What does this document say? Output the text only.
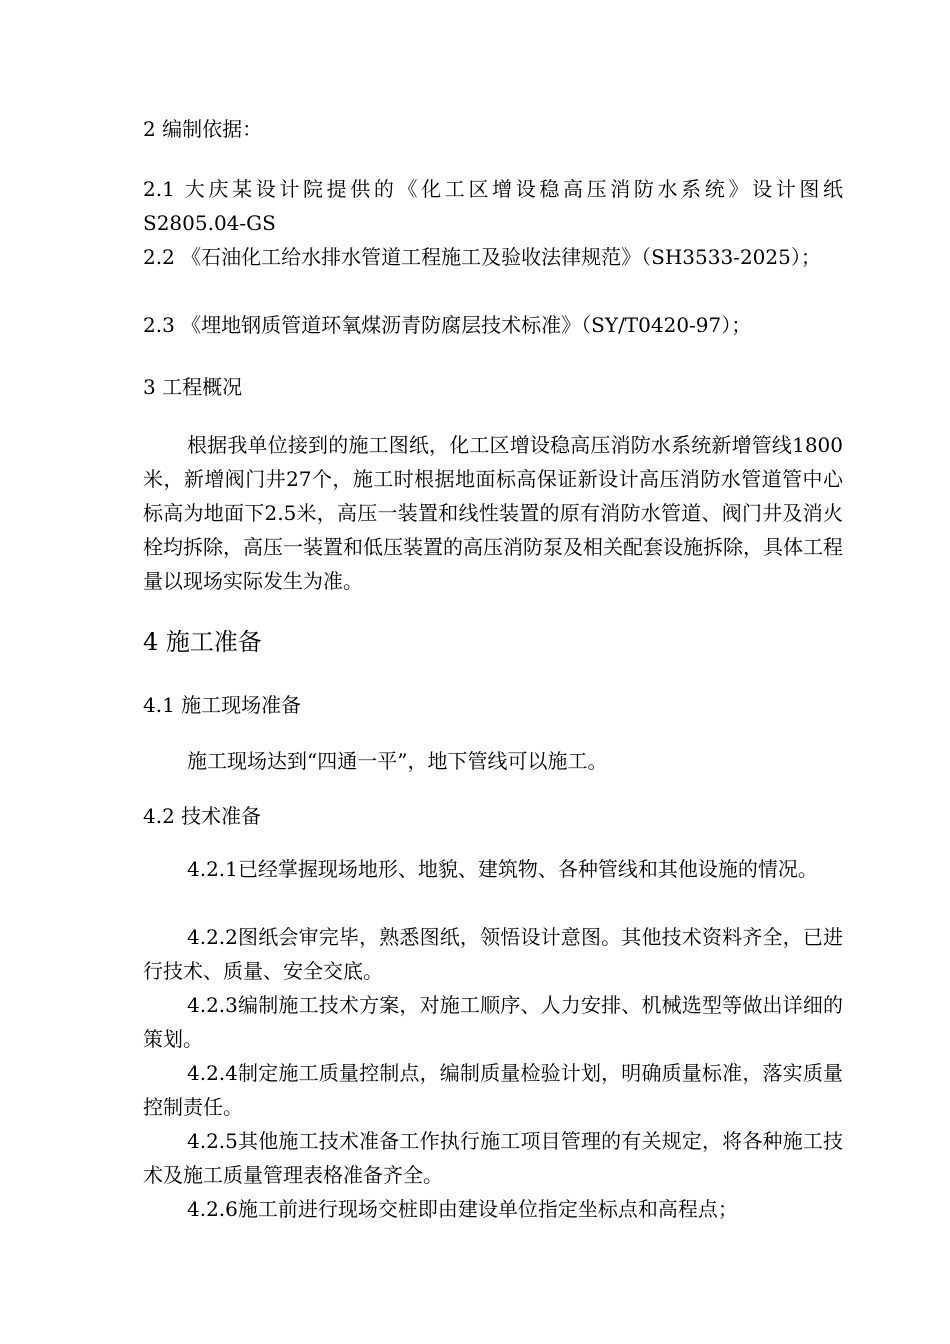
2 编制依据：

2.1 大庆某设计院提供的《化工区增设稳高压消防水系统》设计图纸S2805.04-GS

2.2 《石油化工给水排水管道工程施工及验收法律规范》（SH3533-2025）；

2.3 《埋地钢质管道环氧煤沥青防腐层技术标准》（SY/T0420-97）；

3 工程概况

根据我单位接到的施工图纸，化工区增设稳高压消防水系统新增管线1800米，新增阀门井27个，施工时根据地面标高保证新设计高压消防水管道管中心标高为地面下2.5米，高压一装置和线性装置的原有消防水管道、阀门井及消火栓均拆除，高压一装置和低压装置的高压消防泵及相关配套设施拆除，具体工程量以现场实际发生为准。

4 施工准备

4.1 施工现场准备

施工现场达到“四通一平”，地下管线可以施工。

4.2 技术准备

4.2.1已经掌握现场地形、地貌、建筑物、各种管线和其他设施的情况。

4.2.2图纸会审完毕，熟悉图纸，领悟设计意图。其他技术资料齐全，已进行技术、质量、安全交底。

4.2.3编制施工技术方案，对施工顺序、人力安排、机械选型等做出详细的策划。

4.2.4制定施工质量控制点，编制质量检验计划，明确质量标准，落实质量控制责任。

4.2.5其他施工技术准备工作执行施工项目管理的有关规定，将各种施工技术及施工质量管理表格准备齐全。

4.2.6施工前进行现场交桩即由建设单位指定坐标点和高程点；
